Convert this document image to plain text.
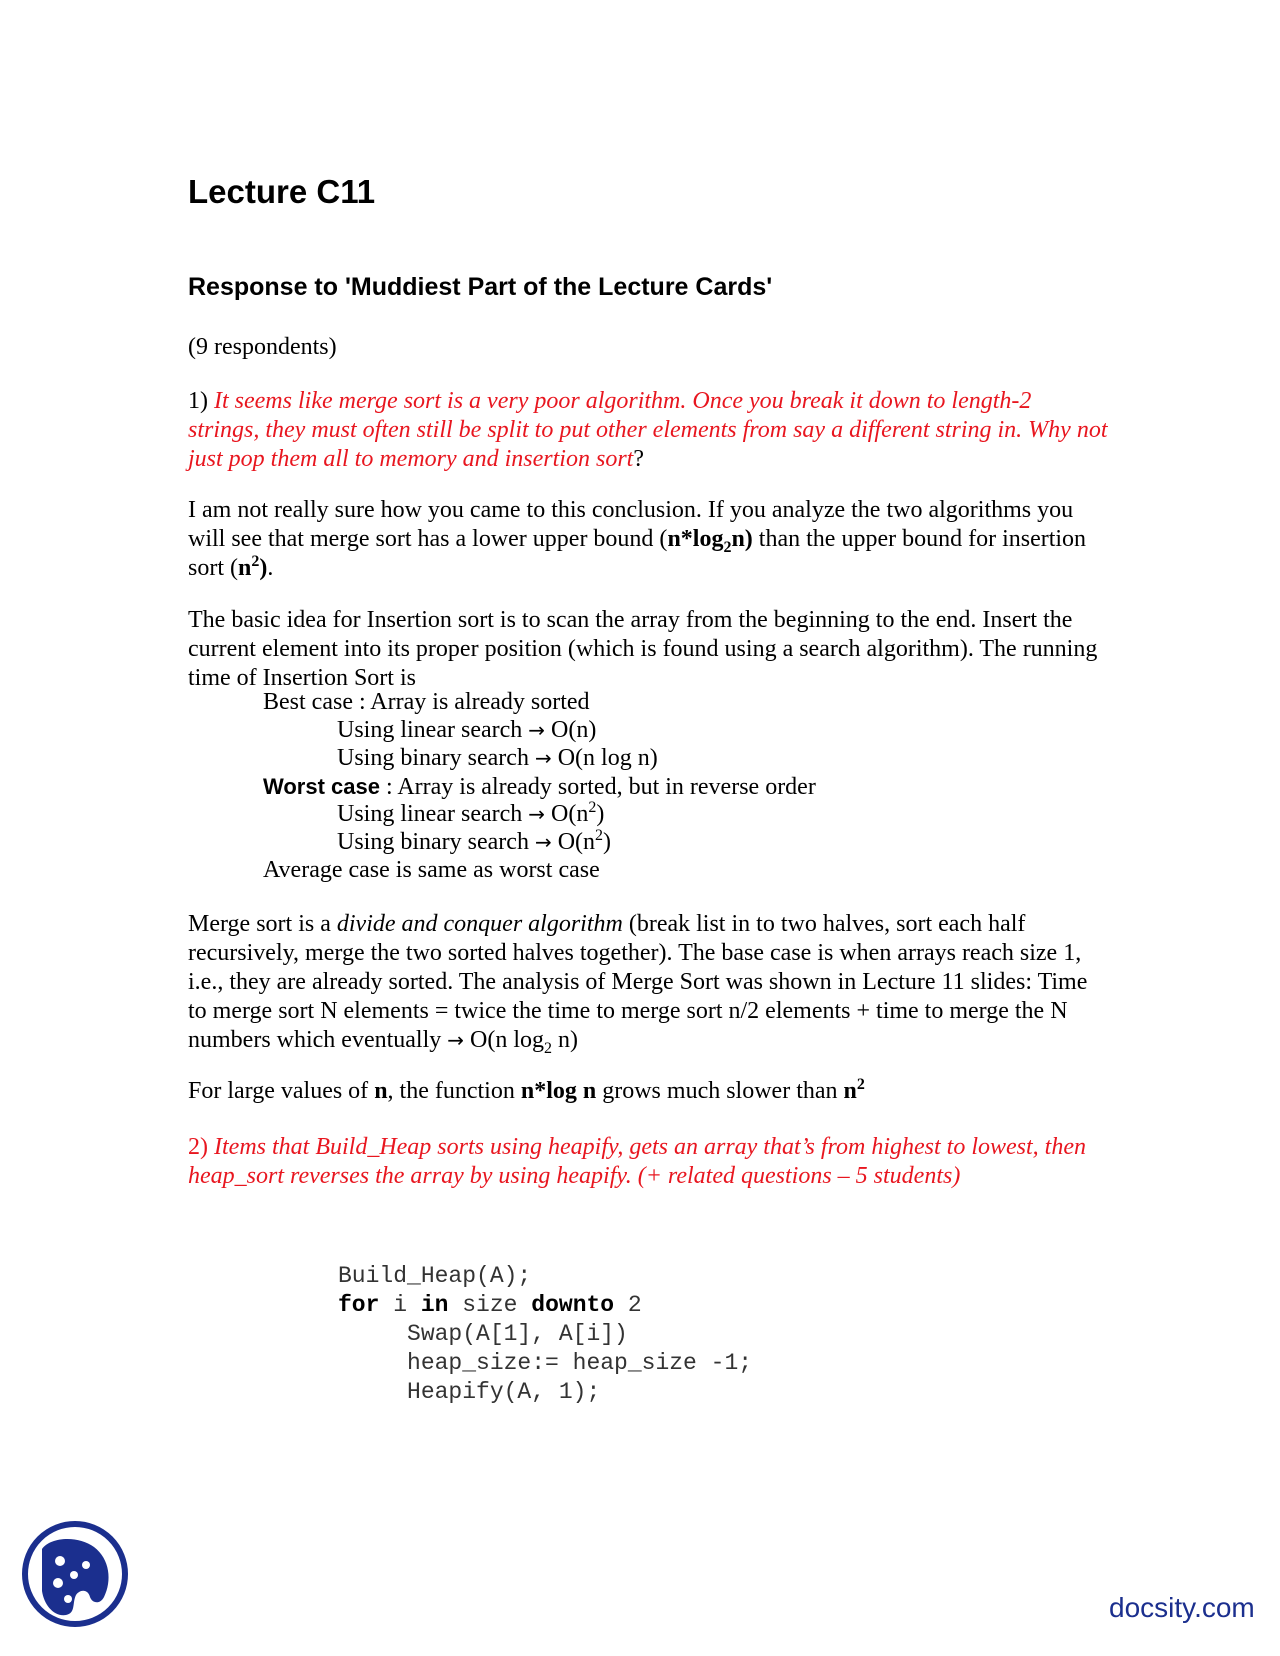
Lecture C11
Response to 'Muddiest Part of the Lecture Cards'
(9 respondents)
1) It seems like merge sort is a very poor algorithm. Once you break it down to length-2 strings, they must often still be split to put other elements from say a different string in. Why not just pop them all to memory and insertion sort?
I am not really sure how you came to this conclusion. If you analyze the two algorithms you will see that merge sort has a lower upper bound $(n*\log_2n)$ than the upper bound for insertion sort $(n^2)$.
The basic idea for Insertion sort is to scan the array from the beginning to the end. Insert the current element into its proper position (which is found using a search algorithm). The running time of Insertion Sort is
Best case : Array is already sorted
Using linear search → O(n)
Using binary search → O(n log n)
Worst case : Array is already sorted, but in reverse order
Using linear search → $O(n^2)$
Using binary search → $O(n^2)$
Average case is same as worst case
Merge sort is a divide and conquer algorithm (break list in to two halves, sort each half recursively, merge the two sorted halves together). The base case is when arrays reach size 1, i.e., they are already sorted. The analysis of Merge Sort was shown in Lecture 11 slides: Time to merge sort N elements = twice the time to merge sort n/2 elements + time to merge the N numbers which eventually → O(n $\log_2 n$)
For large values of n, the function n*log n grows much slower than $n^2$
2) Items that Build_Heap sorts using heapify, gets an array that’s from highest to lowest, then heap_sort reverses the array by using heapify. (+ related questions – 5 students)
Build_Heap(A);
for i in size downto 2
Swap(A[1], A[i])
heap_size:= heap_size -1;
Heapify(A, 1);
docsity.com
